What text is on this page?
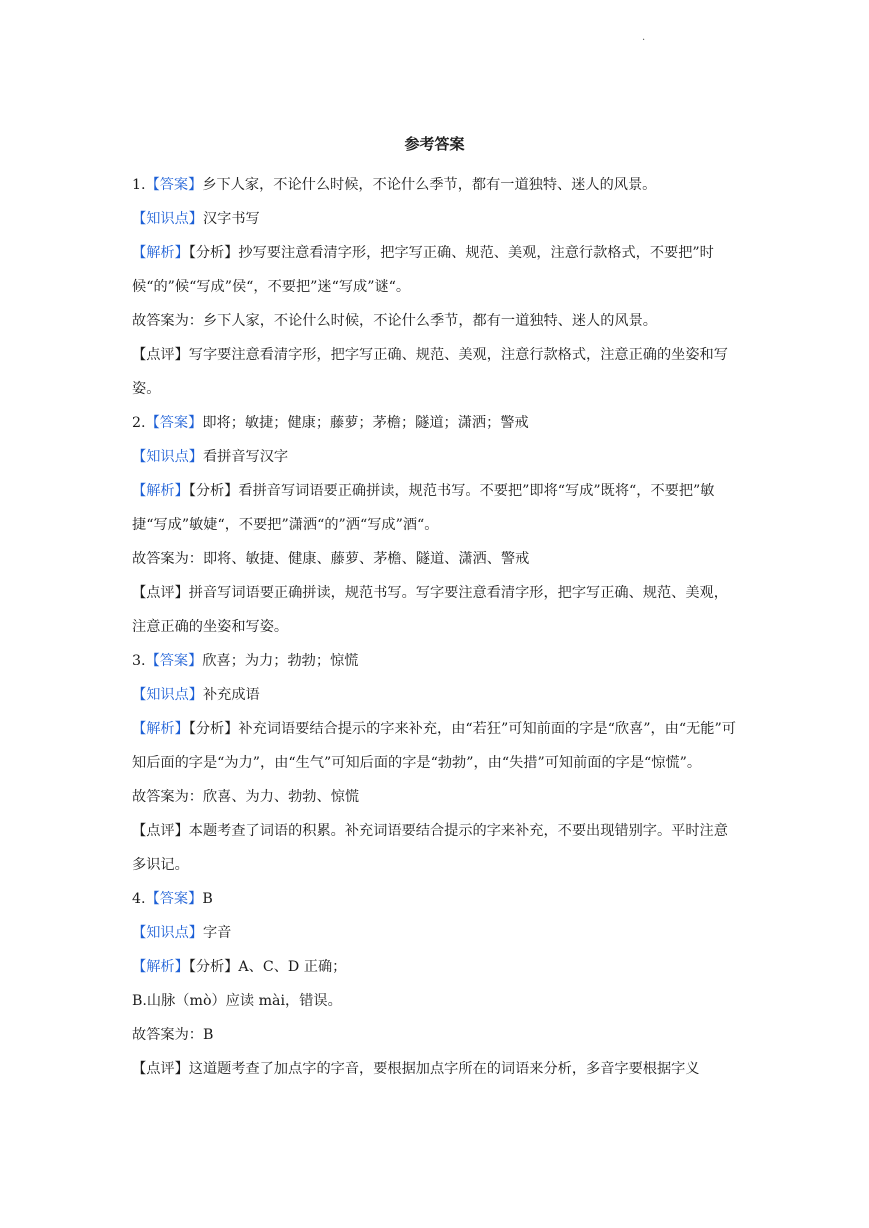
.
参考答案

1.【答案】乡下人家，不论什么时候，不论什么季节，都有一道独特、迷人的风景。

【知识点】汉字书写

【解析】【分析】抄写要注意看清字形，把字写正确、规范、美观，注意行款格式，不要把”时候“的”候“写成”侯“，不要把”迷“写成”谜“。

故答案为：乡下人家，不论什么时候，不论什么季节，都有一道独特、迷人的风景。

【点评】写字要注意看清字形，把字写正确、规范、美观，注意行款格式，注意正确的坐姿和写姿。

2.【答案】即将；敏捷；健康；藤萝；茅檐；隧道；潇洒；警戒

【知识点】看拼音写汉字

【解析】【分析】看拼音写词语要正确拼读，规范书写。不要把”即将“写成”既将“，不要把”敏捷“写成”敏婕“，不要把”潇洒“的”洒“写成”酒“。

故答案为：即将、敏捷、健康、藤萝、茅檐、隧道、潇洒、警戒

【点评】拼音写词语要正确拼读，规范书写。写字要注意看清字形，把字写正确、规范、美观，注意正确的坐姿和写姿。

3.【答案】欣喜；为力；勃勃；惊慌

【知识点】补充成语

【解析】【分析】补充词语要结合提示的字来补充，由“若狂”可知前面的字是“欣喜”，由“无能”可知后面的字是“为力”，由“生气”可知后面的字是“勃勃”，由“失措”可知前面的字是“惊慌”。

故答案为：欣喜、为力、勃勃、惊慌

【点评】本题考查了词语的积累。补充词语要结合提示的字来补充，不要出现错别字。平时注意多识记。

4.【答案】B

【知识点】字音

【解析】【分析】A、C、D 正确；

B.山脉（mò）应读 mài，错误。

故答案为：B

【点评】这道题考查了加点字的字音，要根据加点字所在的词语来分析，多音字要根据字义
